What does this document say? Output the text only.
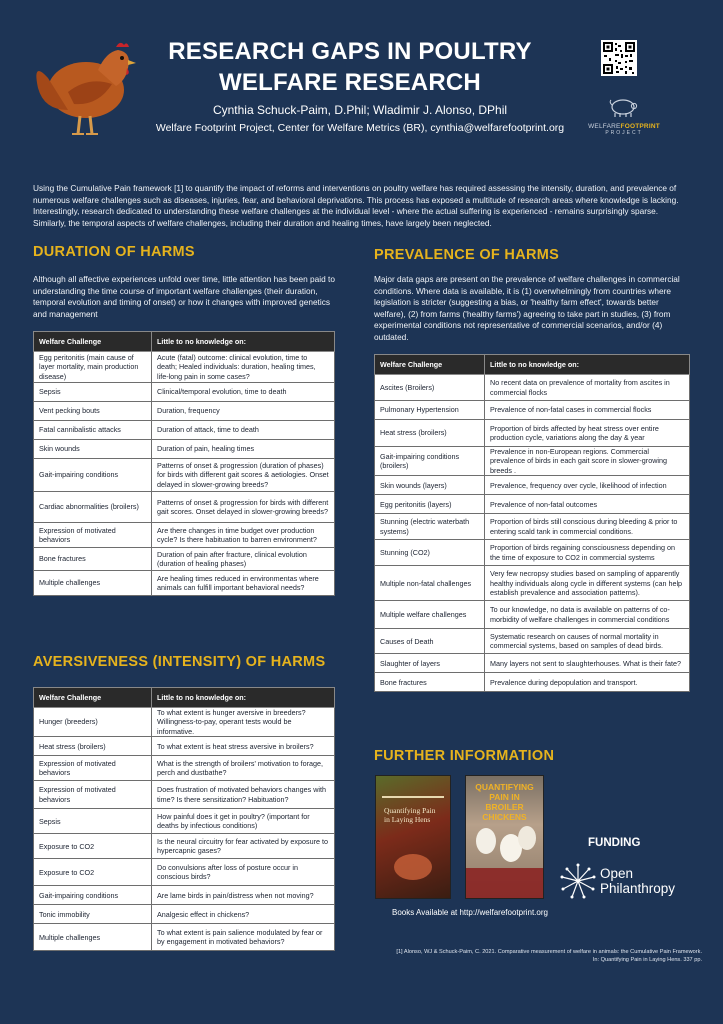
RESEARCH GAPS IN POULTRY
WELFARE RESEARCH
Cynthia Schuck-Paim, D.Phil; Wladimir J. Alonso, DPhil
Welfare Footprint Project, Center for Welfare Metrics (BR), cynthia@welfarefootprint.org	WELFAREFOOTPRINT
PROJECT
Using the Cumulative Pain framework [1] to quantify the impact of reforms and interventions on poultry welfare has required assessing the intensity, duration, and prevalence of numerous welfare challenges such as diseases, injuries, fear, and behavioral deprivations. This process has exposed a multitude of research areas where knowledge is lacking. Interestingly, research dedicated to understanding these welfare challenges at the individual level - where the actual suffering is experienced - remains surprisingly sparse. Similarly, the temporal aspects of welfare challenges, including their duration and healing times, have largely been neglected.
DURATION OF HARMS
Although all affective experiences unfold over time, little attention has been paid to understanding the time course of important welfare challenges (their duration, temporal evolution and timing of onset) or how it changes with improved genetics and management
Welfare Challenge	Little to no knowledge on:
Egg peritonitis (main cause of layer mortality, main production disease)	Acute (fatal) outcome: clinical evolution, time to death; Healed individuals: duration, healing times, life-long pain in some cases?
Sepsis	Clinical/temporal evolution, time to death
Vent pecking bouts	Duration, frequency
Fatal cannibalistic attacks	Duration of attack, time to death
Skin wounds	Duration of pain, healing times
Gait-impairing conditions	Patterns of onset & progression (duration of phases) for birds with different gait scores & aetiologies. Onset delayed in slower-growing breeds?
Cardiac abnormalities (broilers)	Patterns of onset & progression for birds with different gait scores. Onset delayed in slower-growing breeds?
Expression of motivated behaviors	Are there changes in time budget over production cycle? Is there habituation to barren environment?
Bone fractures	Duration of pain after fracture, clinical evolution (duration of healing phases)
Multiple challenges	Are healing times reduced in environmentas where animals can fulfill important behavioral needs?
AVERSIVENESS (INTENSITY) OF HARMS
Welfare Challenge	Little to no knowledge on:
Hunger (breeders)	To what extent is hunger aversive in breeders? Willingness-to-pay, operant tests would be informative.
Heat stress (broilers)	To what extent is heat stress aversive in broilers?
Expression of motivated behaviors	What is the strength of broilers' motivation to forage, perch and dustbathe?
Expression of motivated behaviors	Does frustration of motivated behaviors changes with time? Is there sensitization? Habituation?
Sepsis	How painful does it get in poultry? (important for deaths by infectious conditions)
Exposure to CO2	Is the neural circuitry for fear activated by exposure to hypercapnic gases?
Exposure to CO2	Do convulsions after loss of posture occur in conscious birds?
Gait-impairing conditions	Are lame birds in pain/distress when not moving?
Tonic immobility	Analgesic effect in chickens?
Multiple challenges	To what extent is pain salience modulated by fear or by engagement in motivated behaviors?
PREVALENCE OF HARMS
Major data gaps are present on the prevalence of welfare challenges in commercial conditions. Where data is available, it is (1) overwhelmingly from countries where legislation is stricter (suggesting a bias, or 'healthy farm effect', towards better welfare), (2) from farms ('healthy farms') agreeing to take part in studies, (3) from experimental conditions not representative of commercial scenarios, and/or (4) outdated.
Welfare Challenge	Little to no knowledge on:
Ascites (Broilers)	No recent data on prevalence of mortality from ascites in commercial flocks
Pulmonary Hypertension	Prevalence of non-fatal cases in commercial flocks
Heat stress (broilers)	Proportion of birds affected by heat stress over entire production cycle, variations along the day & year
Gait-impairing conditions (broilers)	Prevalence in non-European regions. Commercial prevalence of birds in each gait score in slower-growing breeds .
Skin wounds (layers)	Prevalence, frequency over cycle, likelihood of infection
Egg peritonitis (layers)	Prevalence of non-fatal outcomes
Stunning (electric waterbath systems)	Proportion of birds still conscious during bleeding & prior to entering scald tank in commercial conditions.
Stunning (CO2)	Proportion of birds regaining consciousness depending on the time of exposure to CO2 in commercial systems
Multiple non-fatal challenges	Very few necropsy studies based on sampling of apparently healthy individuals along cycle in different systems (can help establish prevalence and association patterns).
Multiple welfare challenges	To our knowledge, no data is available on patterns of co-morbidity of welfare challenges in commercial conditions
Causes of Death	Systematic research on causes of normal mortality in commercial systems, based on samples of dead birds.
Slaughter of layers	Many layers not sent to slaughterhouses. What is their fate?
Bone fractures	Prevalence during depopulation and transport.
FURTHER INFORMATION
Quantifying Pain in Laying Hens
QUANTIFYING PAIN IN BROILER CHICKENS
Books Available at http://welfarefootprint.org
FUNDING
Open
Philanthropy
[1] Alonso, WJ & Schuck-Paim, C. 2021. Comparative measurement of welfare in animals: the Cumulative Pain Framework.
In: Quantifying Pain in Laying Hens. 337 pp.
